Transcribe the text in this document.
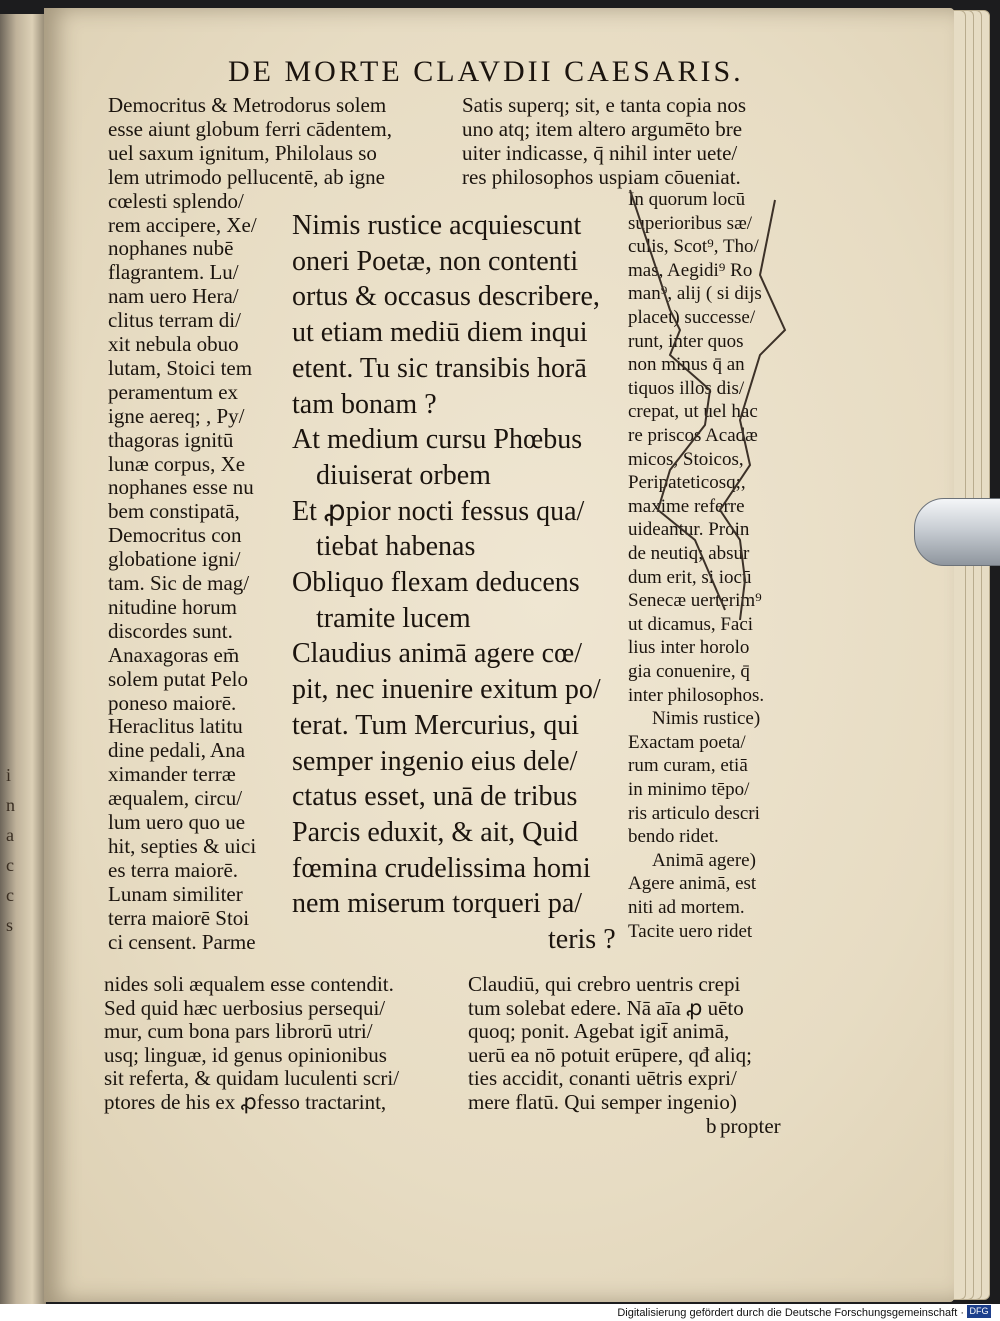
i
n
a
c
c
s
DE MORTE CLAVDII CAESARIS.
b propter
Democritus & Metrodorus solem
esse aiunt globum ferri cādentem,
uel saxum ignitum, Philolaus so
lem utrimodo pellucentē, ab igne
cœlesti splendo/
rem accipere, Xe/
nophanes nubē
flagrantem. Lu/
nam uero Hera/
clitus terram di/
xit nebula obuo
lutam, Stoici tem
peramentum ex
igne aereq; , Py/
thagoras ignitū
lunæ corpus, Xe
nophanes esse nu
bem constipatā,
Democritus con
globatione igni/
tam. Sic de mag/
nitudine horum
discordes sunt.
Anaxagoras em̄
solem putat Pelo
poneso maiorē.
Heraclitus latitu
dine pedali, Ana
ximander terræ
æqualem, circu/
lum uero quo ue
hit, septies & uici
es terra maiorē.
Lunam similiter
terra maiorē Stoi
ci censent. Parme
nides soli æqualem esse contendit.
Sed quid hæc uerbosius persequi/
mur, cum bona pars librorū utri/
usq; linguæ, id genus opinionibus
sit referta, & quidam luculenti scri/
ptores de his ex ꝓfesso tractarint,
Satis superq; sit, e tanta copia nos
uno atq; item altero argumēto bre
uiter indicasse, q̄ nihil inter uete/
res philosophos uspiam cōueniat.
Nimis rustice acquiescunt
oneri Poetæ, non contenti
ortus & occasus describere,
ut etiam mediū diem inqui
etent. Tu sic transibis horā
tam bonam ?
At medium cursu Phœbus
diuiserat orbem
Et ꝓpior nocti fessus qua/
tiebat habenas
Obliquo flexam deducens
tramite lucem
Claudius animā agere cœ/
pit, nec inuenire exitum po/
terat. Tum Mercurius, qui
semper ingenio eius dele/
ctatus esset, unā de tribus
Parcis eduxit, & ait, Quid
fœmina crudelissima homi
nem miserum torqueri pa/
teris ?
In quorum locū
superioribus sæ/
culis, Scot⁹, Tho/
mas, Aegidi⁹ Ro
man⁹, alij ( si dijs
placet) successe/
runt, inter quos
non minus q̄ an
tiquos illos dis/
crepat, ut uel hac
re priscos Acadæ
micos, Stoicos,
Peripateticosq;,
maxime referre
uideantur. Proin
de neutiq; absur
dum erit, si iocū
Senecæ uerterim⁹
ut dicamus, Faci
lius inter horolo
gia conuenire, q̄
inter philosophos.
Nimis rustice)
Exactam poeta/
rum curam, etiā
in minimo tēpo/
ris articulo descri
bendo ridet.
Animā agere)
Agere animā, est
niti ad mortem.
Tacite uero ridet
Claudiū, qui crebro uentris crepi
tum solebat edere. Nā aīa ꝓ uēto
quoq; ponit. Agebat igit̄ animā,
uerū ea nō potuit erūpere, qđ aliq;
ties accidit, conanti uētris expri/
mere flatū. Qui semper ingenio)
Digitalisierung gefördert durch die Deutsche Forschungsgemeinschaft · DFG
